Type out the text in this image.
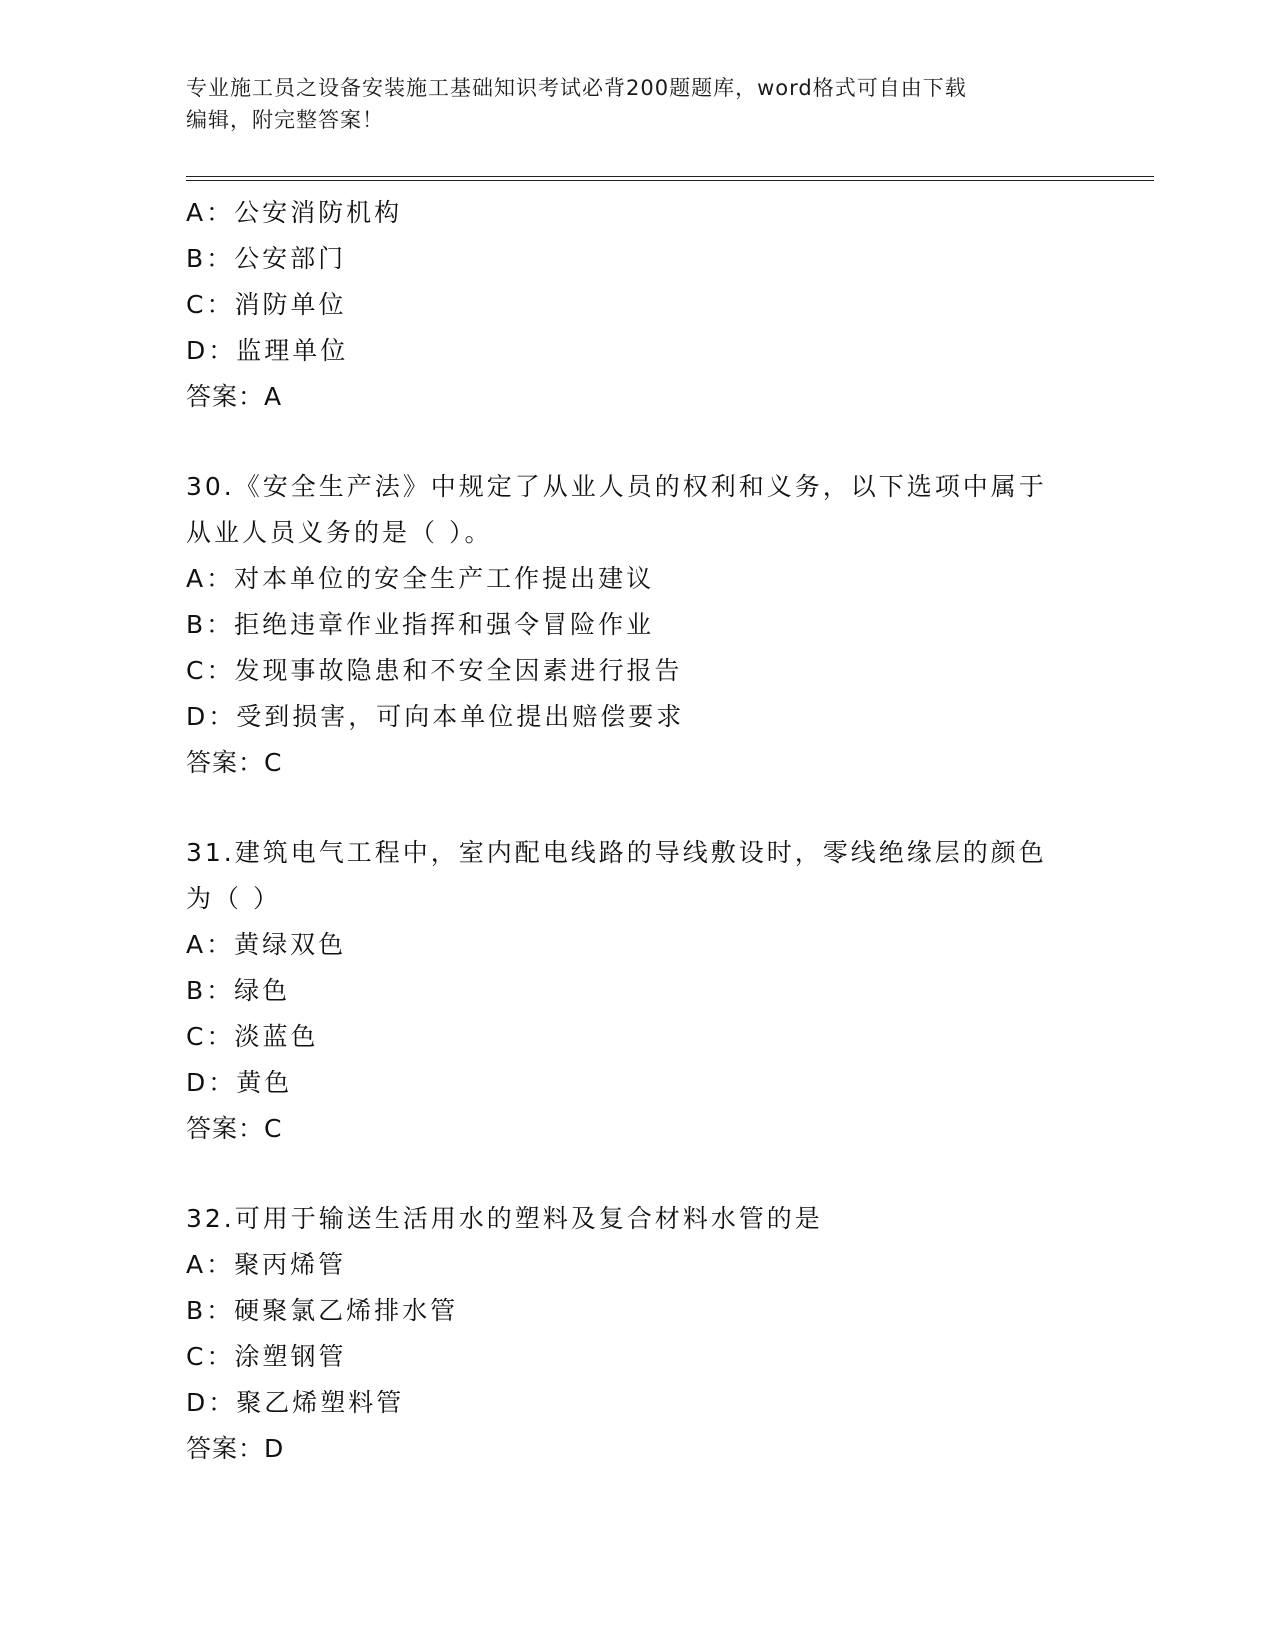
专业施工员之设备安装施工基础知识考试必背200题题库，word格式可自由下载
编辑，附完整答案！
A：公安消防机构
B：公安部门
C：消防单位
D：监理单位
答案：A
30.《安全生产法》中规定了从业人员的权利和义务，以下选项中属于
从业人员义务的是（ ）。
A：对本单位的安全生产工作提出建议
B：拒绝违章作业指挥和强令冒险作业
C：发现事故隐患和不安全因素进行报告
D：受到损害，可向本单位提出赔偿要求
答案：C
31.建筑电气工程中，室内配电线路的导线敷设时，零线绝缘层的颜色
为（ ）
A：黄绿双色
B：绿色
C：淡蓝色
D：黄色
答案：C
32.可用于输送生活用水的塑料及复合材料水管的是
A：聚丙烯管
B：硬聚氯乙烯排水管
C：涂塑钢管
D：聚乙烯塑料管
答案：D
